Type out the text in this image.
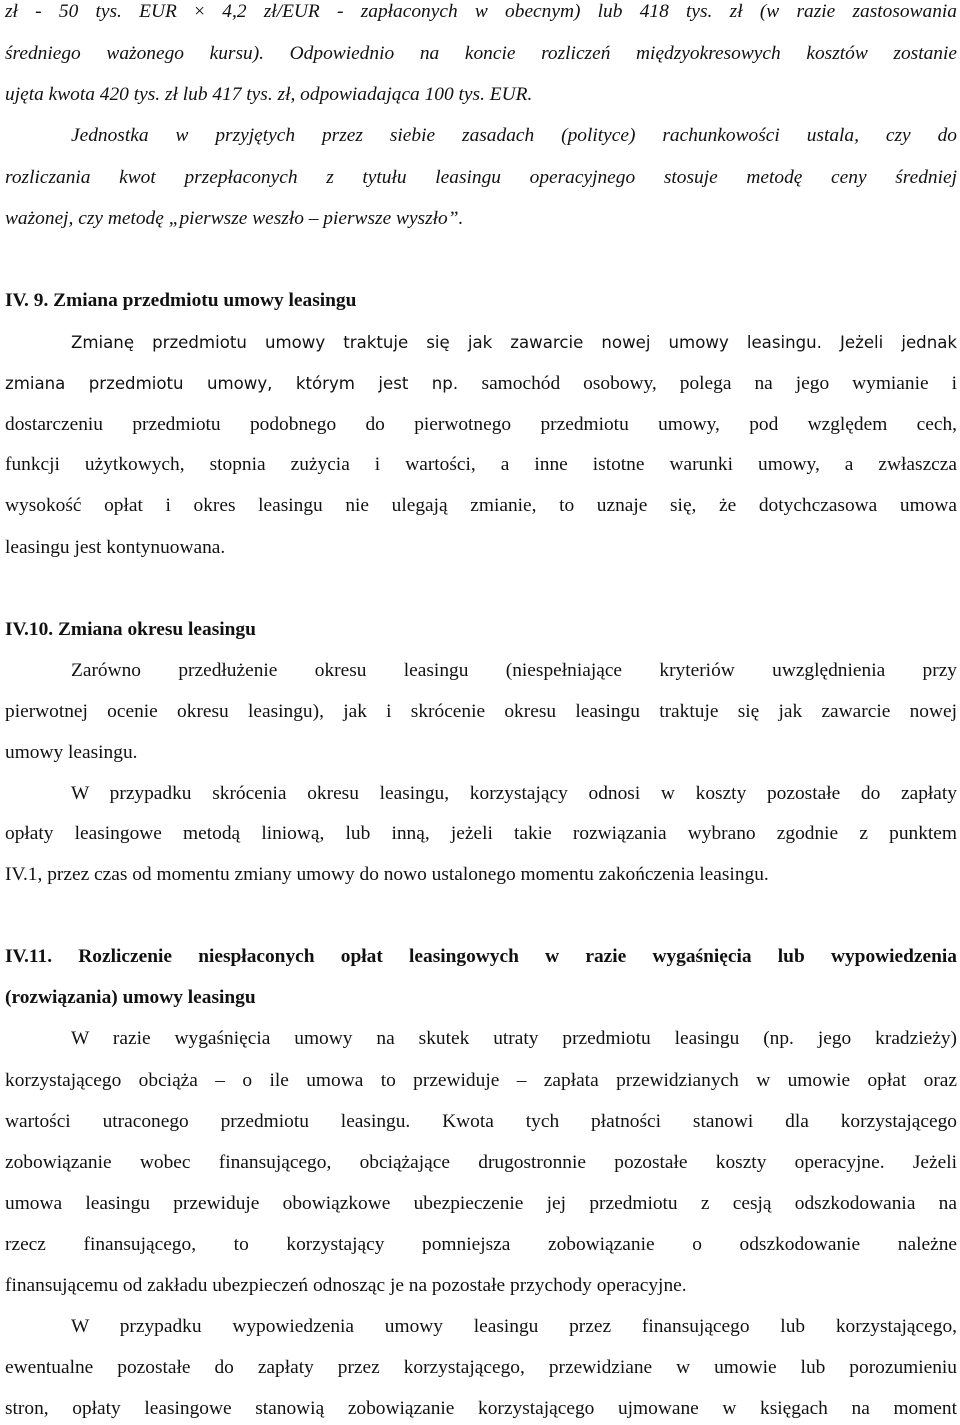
zł - 50 tys. EUR × 4,2 zł/EUR - zapłaconych w obecnym) lub 418 tys. zł (w razie zastosowania
średniego ważonego kursu). Odpowiednio na koncie rozliczeń międzyokresowych kosztów zostanie
ujęta kwota 420 tys. zł lub 417 tys. zł, odpowiadająca 100 tys. EUR.
Jednostka w przyjętych przez siebie zasadach (polityce) rachunkowości ustala, czy do
rozliczania kwot przepłaconych z tytułu leasingu operacyjnego stosuje metodę ceny średniej
ważonej, czy metodę „pierwsze weszło – pierwsze wyszło”.
IV. 9. Zmiana przedmiotu umowy leasingu
Zmianę przedmiotu umowy traktuje się jak zawarcie nowej umowy leasingu. Jeżeli jednak
zmiana przedmiotu umowy, którym jest np. samochód osobowy, polega na jego wymianie i
dostarczeniu przedmiotu podobnego do pierwotnego przedmiotu umowy, pod względem cech,
funkcji użytkowych, stopnia zużycia i wartości, a inne istotne warunki umowy, a zwłaszcza
wysokość opłat i okres leasingu nie ulegają zmianie, to uznaje się, że dotychczasowa umowa
leasingu jest kontynuowana.
IV.10. Zmiana okresu leasingu
Zarówno przedłużenie okresu leasingu (niespełniające kryteriów uwzględnienia przy
pierwotnej ocenie okresu leasingu), jak i skrócenie okresu leasingu traktuje się jak zawarcie nowej
umowy leasingu.
W przypadku skrócenia okresu leasingu, korzystający odnosi w koszty pozostałe do zapłaty
opłaty leasingowe metodą liniową, lub inną, jeżeli takie rozwiązania wybrano zgodnie z punktem
IV.1, przez czas od momentu zmiany umowy do nowo ustalonego momentu zakończenia leasingu.
IV.11. Rozliczenie niespłaconych opłat leasingowych w razie wygaśnięcia lub wypowiedzenia
(rozwiązania) umowy leasingu
W razie wygaśnięcia umowy na skutek utraty przedmiotu leasingu (np. jego kradzieży)
korzystającego obciąża – o ile umowa to przewiduje – zapłata przewidzianych w umowie opłat oraz
wartości utraconego przedmiotu leasingu. Kwota tych płatności stanowi dla korzystającego
zobowiązanie wobec finansującego, obciążające drugostronnie pozostałe koszty operacyjne. Jeżeli
umowa leasingu przewiduje obowiązkowe ubezpieczenie jej przedmiotu z cesją odszkodowania na
rzecz finansującego, to korzystający pomniejsza zobowiązanie o odszkodowanie należne
finansującemu od zakładu ubezpieczeń odnosząc je na pozostałe przychody operacyjne.
W przypadku wypowiedzenia umowy leasingu przez finansującego lub korzystającego,
ewentualne pozostałe do zapłaty przez korzystającego, przewidziane w umowie lub porozumieniu
stron, opłaty leasingowe stanowią zobowiązanie korzystającego ujmowane w księgach na moment
